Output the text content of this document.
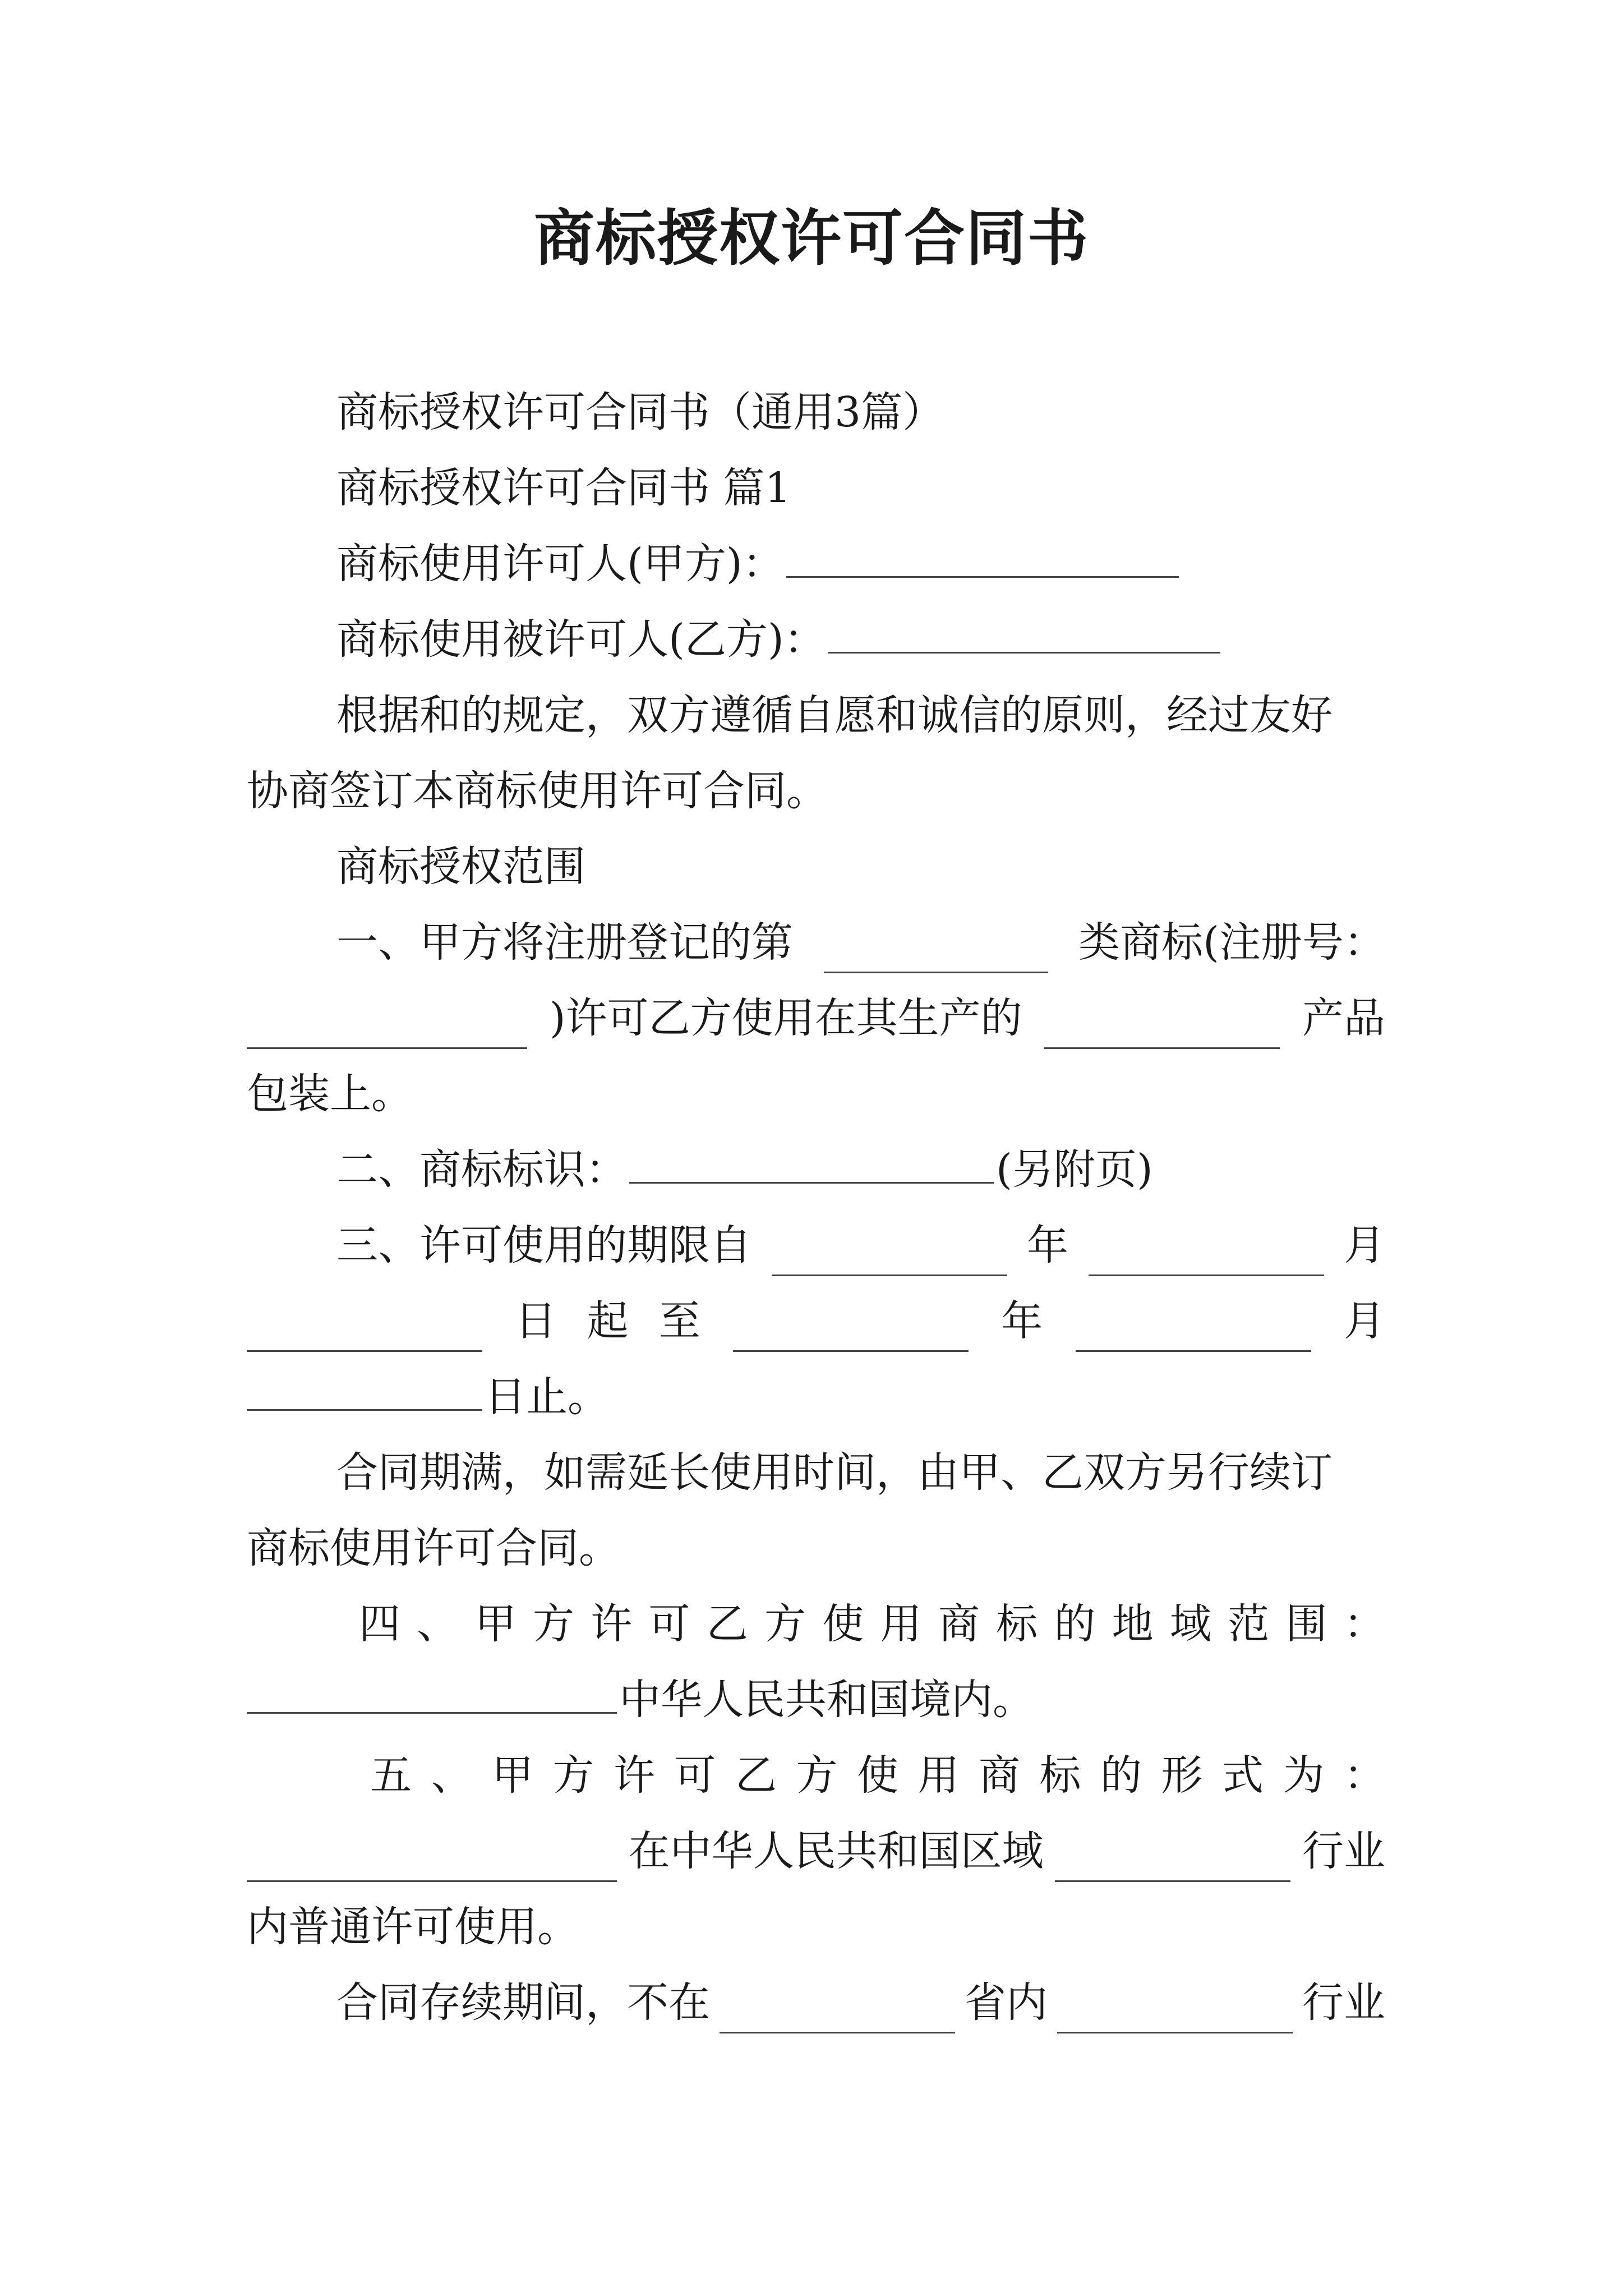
商标授权许可合同书
商标授权许可合同书（通用3篇）
商标授权许可合同书 篇1
商标使用许可人(甲方)：
商标使用被许可人(乙方)：
根据和的规定，双方遵循自愿和诚信的原则，经过友好
协商签订本商标使用许可合同。
商标授权范围
一、甲方将注册登记的第	类商标(注册号：
)许可乙方使用在其生产的	产品
包装上。
二、商标标识：	(另附页)
三、许可使用的期限自	年	月
日 起 至	年	月
日止。
合同期满，如需延长使用时间，由甲、乙双方另行续订
商标使用许可合同。
四 、 甲 方 许 可 乙 方 使 用 商 标 的 地 域 范 围 ：
中华人民共和国境内。
五 、 甲 方 许 可 乙 方 使 用 商 标 的 形 式 为 ：
在中华人民共和国区域	行业
内普通许可使用。
合同存续期间，不在	省内	行业
